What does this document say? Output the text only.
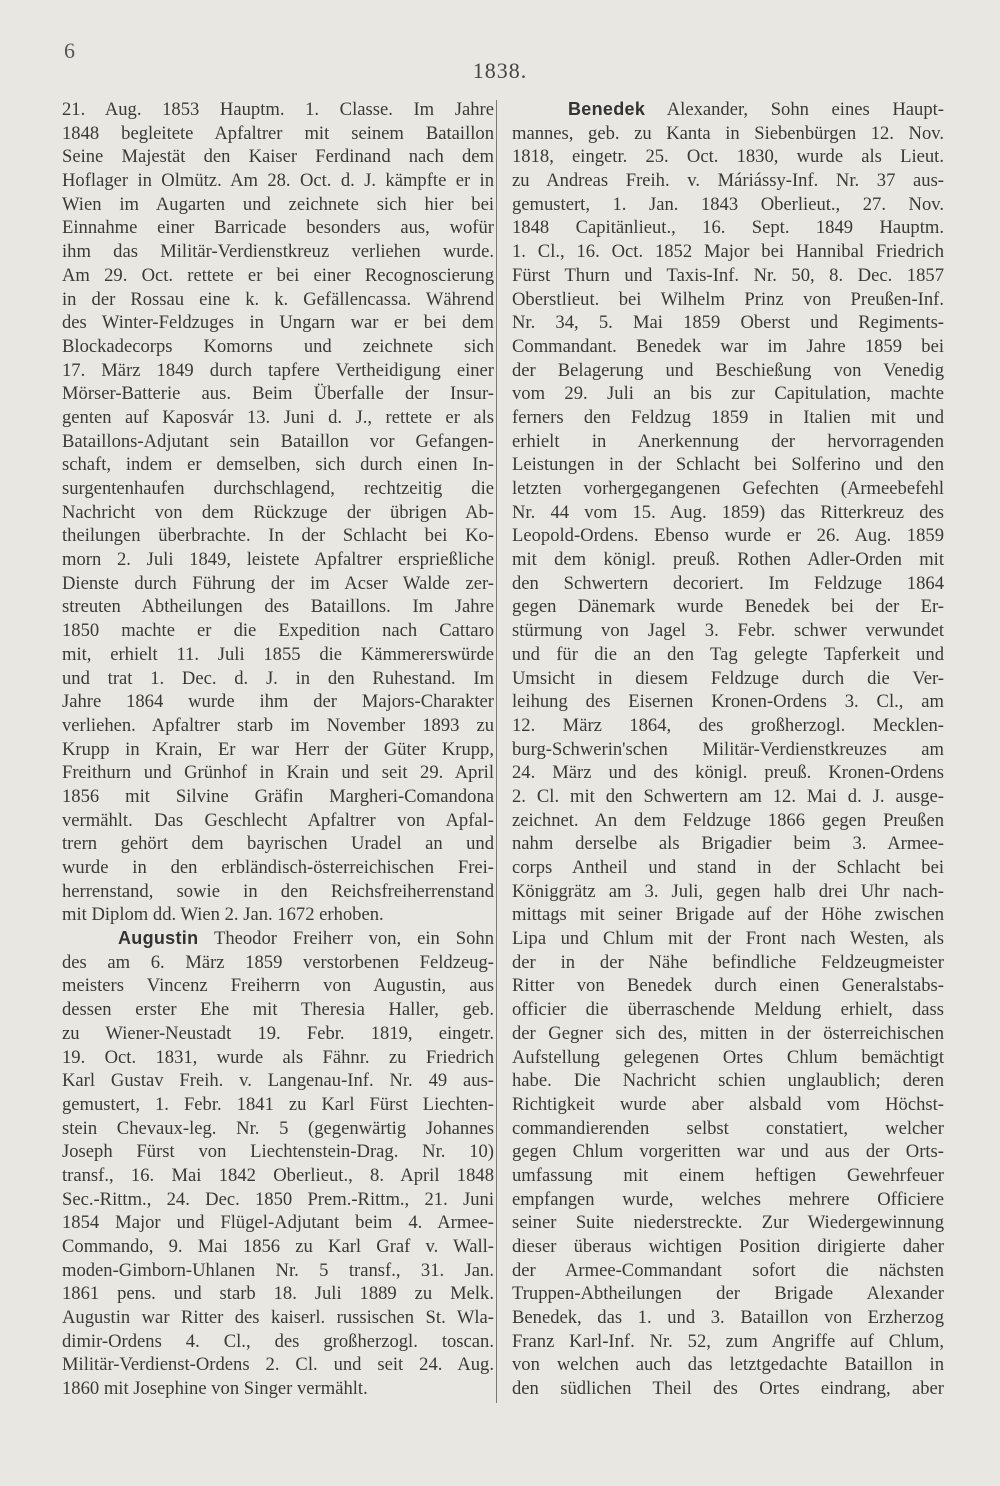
6
1838.
21. Aug. 1853 Hauptm. 1. Classe. Im Jahre
1848 begleitete Apfaltrer mit seinem Bataillon
Seine Majestät den Kaiser Ferdinand nach dem
Hoflager in Olmütz. Am 28. Oct. d. J. kämpfte er in
Wien im Augarten und zeichnete sich hier bei
Einnahme einer Barricade besonders aus, wofür
ihm das Militär-Verdienstkreuz verliehen wurde.
Am 29. Oct. rettete er bei einer Recognoscierung
in der Rossau eine k. k. Gefällencassa. Während
des Winter-Feldzuges in Ungarn war er bei dem
Blockadecorps Komorns und zeichnete sich
17. März 1849 durch tapfere Vertheidigung einer
Mörser-Batterie aus. Beim Überfalle der Insur-
genten auf Kaposvár 13. Juni d. J., rettete er als
Bataillons-Adjutant sein Bataillon vor Gefangen-
schaft, indem er demselben, sich durch einen In-
surgentenhaufen durchschlagend, rechtzeitig die
Nachricht von dem Rückzuge der übrigen Ab-
theilungen überbrachte. In der Schlacht bei Ko-
morn 2. Juli 1849, leistete Apfaltrer ersprießliche
Dienste durch Führung der im Acser Walde zer-
streuten Abtheilungen des Bataillons. Im Jahre
1850 machte er die Expedition nach Cattaro
mit, erhielt 11. Juli 1855 die Kämmererswürde
und trat 1. Dec. d. J. in den Ruhestand. Im
Jahre 1864 wurde ihm der Majors-Charakter
verliehen. Apfaltrer starb im November 1893 zu
Krupp in Krain, Er war Herr der Güter Krupp,
Freithurn und Grünhof in Krain und seit 29. April
1856 mit Silvine Gräfin Margheri-Comandona
vermählt. Das Geschlecht Apfaltrer von Apfal-
trern gehört dem bayrischen Uradel an und
wurde in den erbländisch-österreichischen Frei-
herrenstand, sowie in den Reichsfreiherrenstand
mit Diplom dd. Wien 2. Jan. 1672 erhoben.
Augustin Theodor Freiherr von, ein Sohn
des am 6. März 1859 verstorbenen Feldzeug-
meisters Vincenz Freiherrn von Augustin, aus
dessen erster Ehe mit Theresia Haller, geb.
zu Wiener-Neustadt 19. Febr. 1819, eingetr.
19. Oct. 1831, wurde als Fähnr. zu Friedrich
Karl Gustav Freih. v. Langenau-Inf. Nr. 49 aus-
gemustert, 1. Febr. 1841 zu Karl Fürst Liechten-
stein Chevaux-leg. Nr. 5 (gegenwärtig Johannes
Joseph Fürst von Liechtenstein-Drag. Nr. 10)
transf., 16. Mai 1842 Oberlieut., 8. April 1848
Sec.-Rittm., 24. Dec. 1850 Prem.-Rittm., 21. Juni
1854 Major und Flügel-Adjutant beim 4. Armee-
Commando, 9. Mai 1856 zu Karl Graf v. Wall-
moden-Gimborn-Uhlanen Nr. 5 transf., 31. Jan.
1861 pens. und starb 18. Juli 1889 zu Melk.
Augustin war Ritter des kaiserl. russischen St. Wla-
dimir-Ordens 4. Cl., des großherzogl. toscan.
Militär-Verdienst-Ordens 2. Cl. und seit 24. Aug.
1860 mit Josephine von Singer vermählt.
Benedek Alexander, Sohn eines Haupt-
mannes, geb. zu Kanta in Siebenbürgen 12. Nov.
1818, eingetr. 25. Oct. 1830, wurde als Lieut.
zu Andreas Freih. v. Máriássy-Inf. Nr. 37 aus-
gemustert, 1. Jan. 1843 Oberlieut., 27. Nov.
1848 Capitänlieut., 16. Sept. 1849 Hauptm.
1. Cl., 16. Oct. 1852 Major bei Hannibal Friedrich
Fürst Thurn und Taxis-Inf. Nr. 50, 8. Dec. 1857
Oberstlieut. bei Wilhelm Prinz von Preußen-Inf.
Nr. 34, 5. Mai 1859 Oberst und Regiments-
Commandant. Benedek war im Jahre 1859 bei
der Belagerung und Beschießung von Venedig
vom 29. Juli an bis zur Capitulation, machte
ferners den Feldzug 1859 in Italien mit und
erhielt in Anerkennung der hervorragenden
Leistungen in der Schlacht bei Solferino und den
letzten vorhergegangenen Gefechten (Armeebefehl
Nr. 44 vom 15. Aug. 1859) das Ritterkreuz des
Leopold-Ordens. Ebenso wurde er 26. Aug. 1859
mit dem königl. preuß. Rothen Adler-Orden mit
den Schwertern decoriert. Im Feldzuge 1864
gegen Dänemark wurde Benedek bei der Er-
stürmung von Jagel 3. Febr. schwer verwundet
und für die an den Tag gelegte Tapferkeit und
Umsicht in diesem Feldzuge durch die Ver-
leihung des Eisernen Kronen-Ordens 3. Cl., am
12. März 1864, des großherzogl. Mecklen-
burg-Schwerin'schen Militär-Verdienstkreuzes am
24. März und des königl. preuß. Kronen-Ordens
2. Cl. mit den Schwertern am 12. Mai d. J. ausge-
zeichnet. An dem Feldzuge 1866 gegen Preußen
nahm derselbe als Brigadier beim 3. Armee-
corps Antheil und stand in der Schlacht bei
Königgrätz am 3. Juli, gegen halb drei Uhr nach-
mittags mit seiner Brigade auf der Höhe zwischen
Lipa und Chlum mit der Front nach Westen, als
der in der Nähe befindliche Feldzeugmeister
Ritter von Benedek durch einen Generalstabs-
officier die überraschende Meldung erhielt, dass
der Gegner sich des, mitten in der österreichischen
Aufstellung gelegenen Ortes Chlum bemächtigt
habe. Die Nachricht schien unglaublich; deren
Richtigkeit wurde aber alsbald vom Höchst-
commandierenden selbst constatiert, welcher
gegen Chlum vorgeritten war und aus der Orts-
umfassung mit einem heftigen Gewehrfeuer
empfangen wurde, welches mehrere Officiere
seiner Suite niederstreckte. Zur Wiedergewinnung
dieser überaus wichtigen Position dirigierte daher
der Armee-Commandant sofort die nächsten
Truppen-Abtheilungen der Brigade Alexander
Benedek, das 1. und 3. Bataillon von Erzherzog
Franz Karl-Inf. Nr. 52, zum Angriffe auf Chlum,
von welchen auch das letztgedachte Bataillon in
den südlichen Theil des Ortes eindrang, aber
